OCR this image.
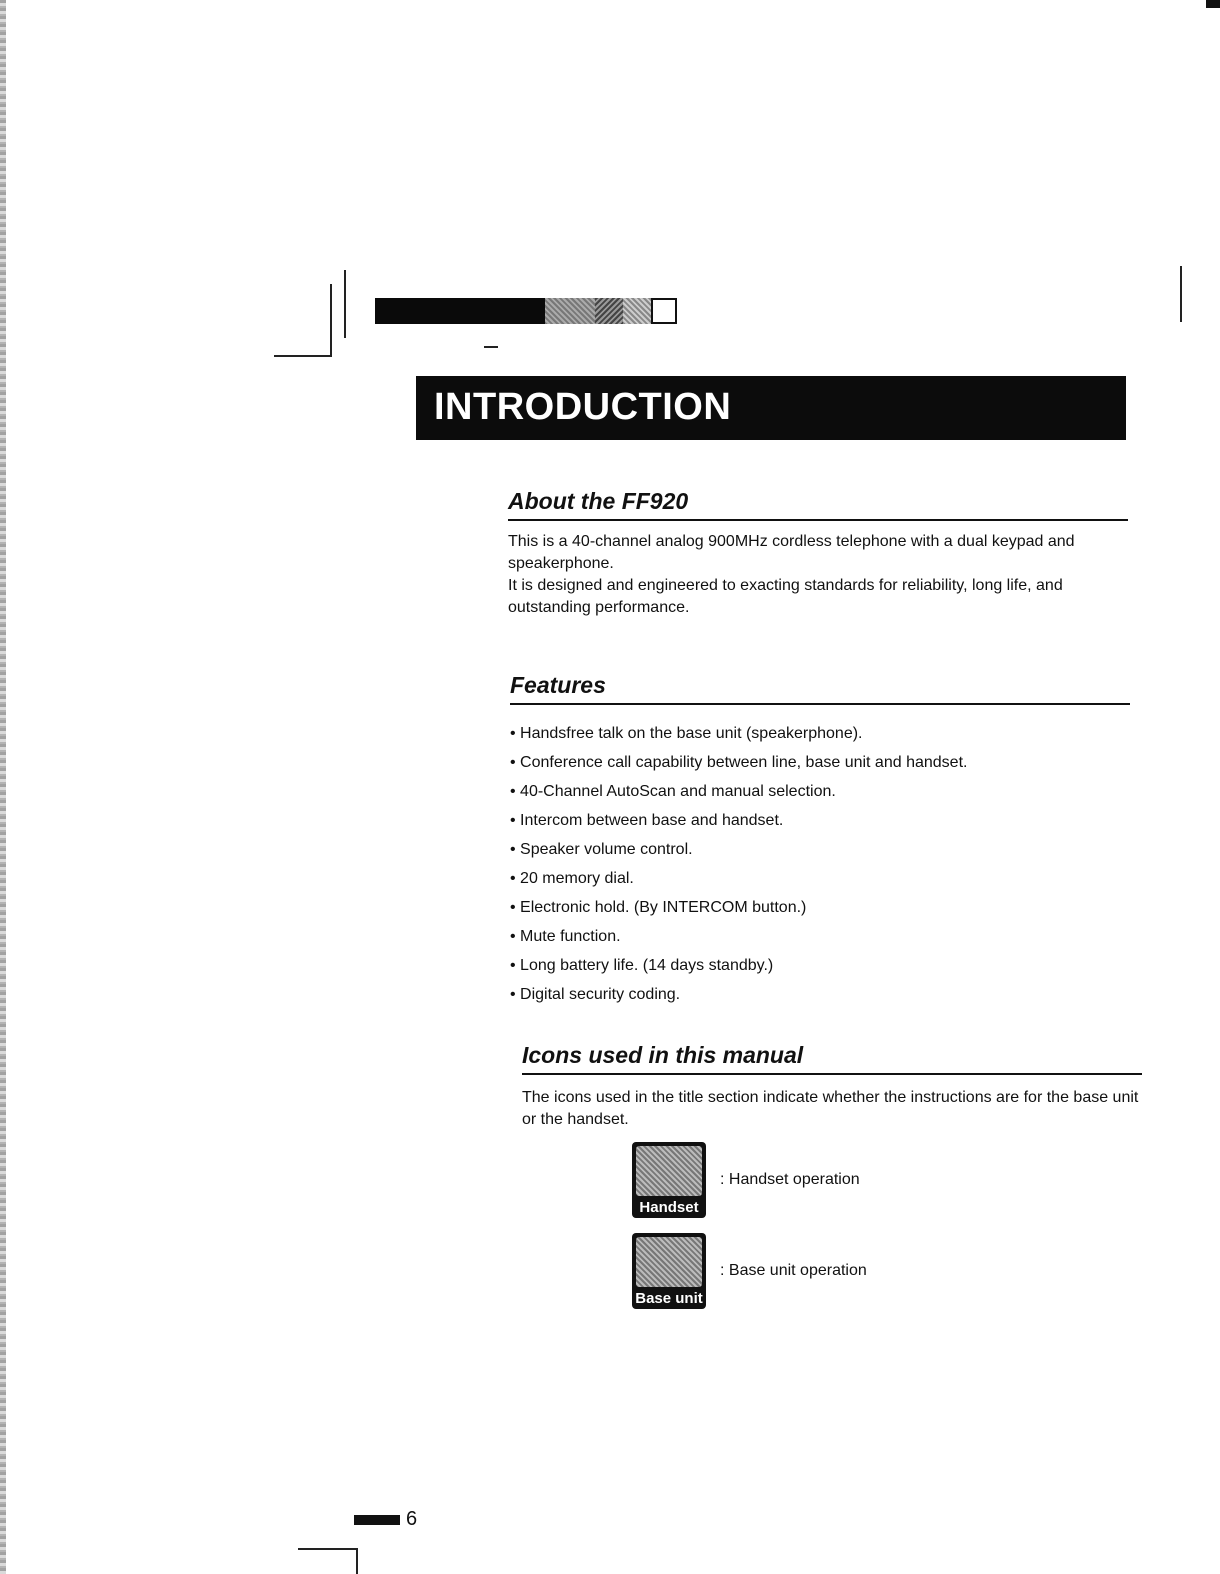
INTRODUCTION
About the FF920

This is a 40-channel analog 900MHz cordless telephone with a dual keypad and speakerphone.

It is designed and engineered to exacting standards for reliability, long life, and outstanding performance.

Features
• Handsfree talk on the base unit (speakerphone).
• Conference call capability between line, base unit and handset.
• 40-Channel AutoScan and manual selection.
• Intercom between base and handset.
• Speaker volume control.
• 20 memory dial.
• Electronic hold. (By INTERCOM button.)
• Mute function.
• Long battery life. (14 days standby.)
• Digital security coding.
Icons used in this manual

The icons used in the title section indicate whether the instructions are for the base unit or the handset.

Handset
: Handset operation
Base unit
: Base unit operation
6
